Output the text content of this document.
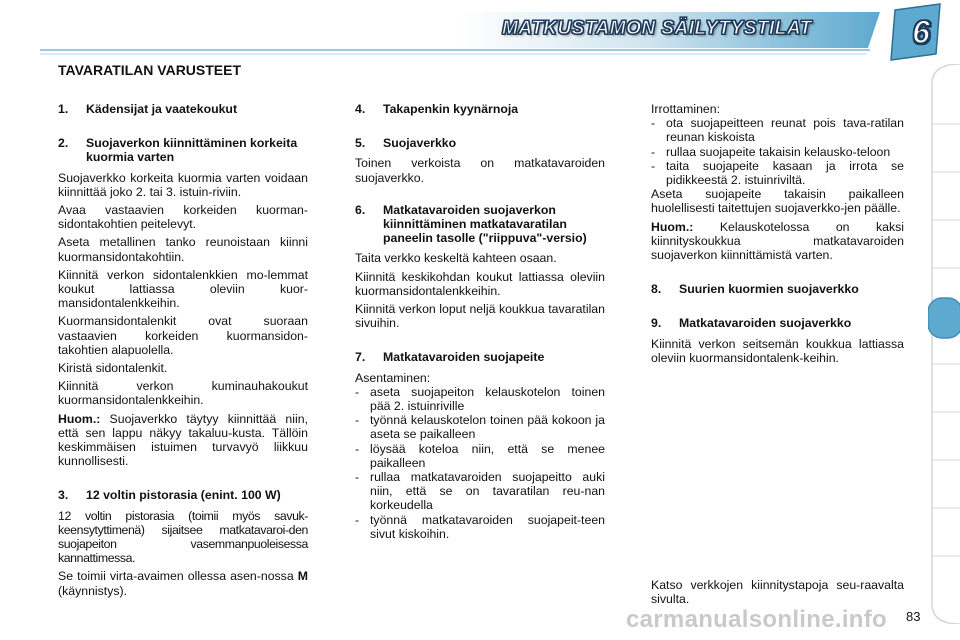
MATKUSTAMON SÄILYTYSTILAT	6
TAVARATILAN VARUSTEET
1.	Kädensijat ja vaatekoukut
2.	Suojaverkon kiinnittäminen korkeita kuormia varten

Suojaverkko korkeita kuormia varten voidaan kiinnittää joko 2. tai 3. istuin-riviin.

Avaa vastaavien korkeiden kuorman-sidontakohtien peitelevyt.

Aseta metallinen tanko reunoistaan kiinni kuormansidontakohtiin.

Kiinnitä verkon sidontalenkkien mo-lemmat koukut lattiassa oleviin kuor-mansidontalenkkeihin.

Kuormansidontalenkit ovat suoraan vastaavien korkeiden kuormansidon-takohtien alapuolella.

Kiristä sidontalenkit.

Kiinnitä verkon kuminauhakoukut kuormansidontalenkkeihin.

Huom.: Suojaverkko täytyy kiinnittää niin, että sen lappu näkyy takaluu-kusta. Tällöin keskimmäisen istuimen turvavyö liikkuu kunnollisesti.

3.	12 voltin pistorasia (enint. 100 W)

12 voltin pistorasia (toimii myös savuk-keensytyttimenä) sijaitsee matkatavaroi-den suojapeiton vasemmanpuoleisessa kannattimessa.

Se toimii virta-avaimen ollessa asen-nossa M (käynnistys).

4.	Takapenkin kyynärnoja
5.	Suojaverkko

Toinen verkoista on matkatavaroiden suojaverkko.

6.	Matkatavaroiden suojaverkon kiinnittäminen matkatavaratilan paneelin tasolle ("riippuva"-versio)

Taita verkko keskeltä kahteen osaan.

Kiinnitä keskikohdan koukut lattiassa oleviin kuormansidontalenkkeihin.

Kiinnitä verkon loput neljä koukkua tavaratilan sivuihin.

7.	Matkatavaroiden suojapeite

Asentaminen:

- aseta suojapeiton kelauskotelon toinen pää 2. istuinriville
- työnnä kelauskotelon toinen pää kokoon ja aseta se paikalleen
- löysää koteloa niin, että se menee paikalleen
- rullaa matkatavaroiden suojapeitto auki niin, että se on tavaratilan reu-nan korkeudella
- työnnä matkatavaroiden suojapeit-teen sivut kiskoihin.

Irrottaminen:

- ota suojapeitteen reunat pois tava-ratilan reunan kiskoista
- rullaa suojapeite takaisin kelausko-teloon
- taita suojapeite kasaan ja irrota se pidikkeestä 2. istuinriviltä.

Aseta suojapeite takaisin paikalleen huolellisesti taitettujen suojaverkko-jen päälle.

Huom.: Kelauskotelossa on kaksi kiinnityskoukkua matkatavaroiden suojaverkon kiinnittämistä varten.

8.	Suurien kuormien suojaverkko
9.	Matkatavaroiden suojaverkko

Kiinnitä verkon seitsemän koukkua lattiassa oleviin kuormansidontalenk-keihin.

Katso verkkojen kiinnitystapoja seu-raavalta sivulta.
carmanualsonline.info 83
